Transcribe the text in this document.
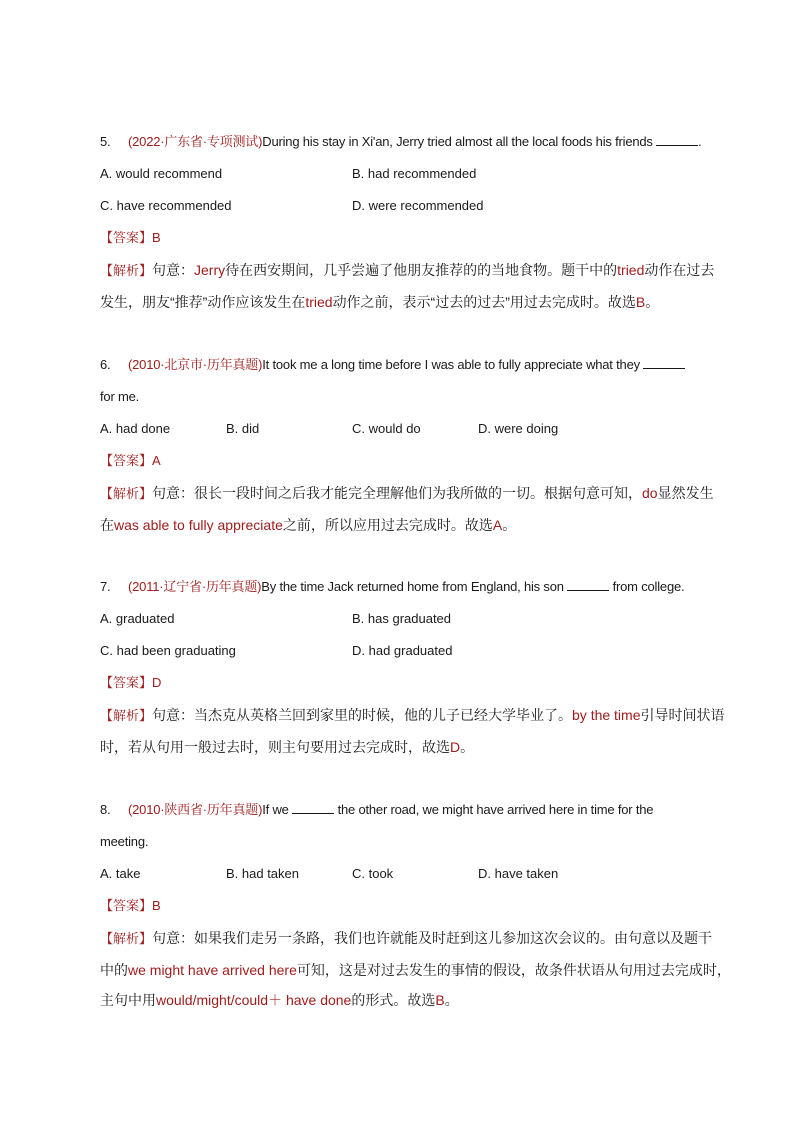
5. (2022·广东省·专项测试)During his stay in Xi'an, Jerry tried almost all the local foods his friends	.
A. would recommend	B. had recommended
C. have recommended	D. were recommended
【答案】B
【解析】句意：Jerry待在西安期间，几乎尝遍了他朋友推荐的的当地食物。题干中的tried动作在过去
发生，朋友“推荐”动作应该发生在tried动作之前，表示“过去的过去”用过去完成时。故选B。
6. (2010·北京市·历年真题)It took me a long time before I was able to fully appreciate what they
for me.
A. had done	B. did	C. would do	D. were doing
【答案】A
【解析】句意：很长一段时间之后我才能完全理解他们为我所做的一切。根据句意可知，do显然发生
在was able to fully appreciate之前，所以应用过去完成时。故选A。
7. (2011·辽宁省·历年真题)By the time Jack returned home from England, his son	from college.
A. graduated	B. has graduated
C. had been graduating	D. had graduated
【答案】D
【解析】句意：当杰克从英格兰回到家里的时候，他的儿子已经大学毕业了。by the time引导时间状语
时，若从句用一般过去时，则主句要用过去完成时，故选D。
8. (2010·陕西省·历年真题)If we	the other road, we might have arrived here in time for the
meeting.
A. take	B. had taken	C. took	D. have taken
【答案】B
【解析】句意：如果我们走另一条路，我们也许就能及时赶到这儿参加这次会议的。由句意以及题干
中的we might have arrived here可知，这是对过去发生的事情的假设，故条件状语从句用过去完成时，
主句中用would/might/could＋ have done的形式。故选B。
